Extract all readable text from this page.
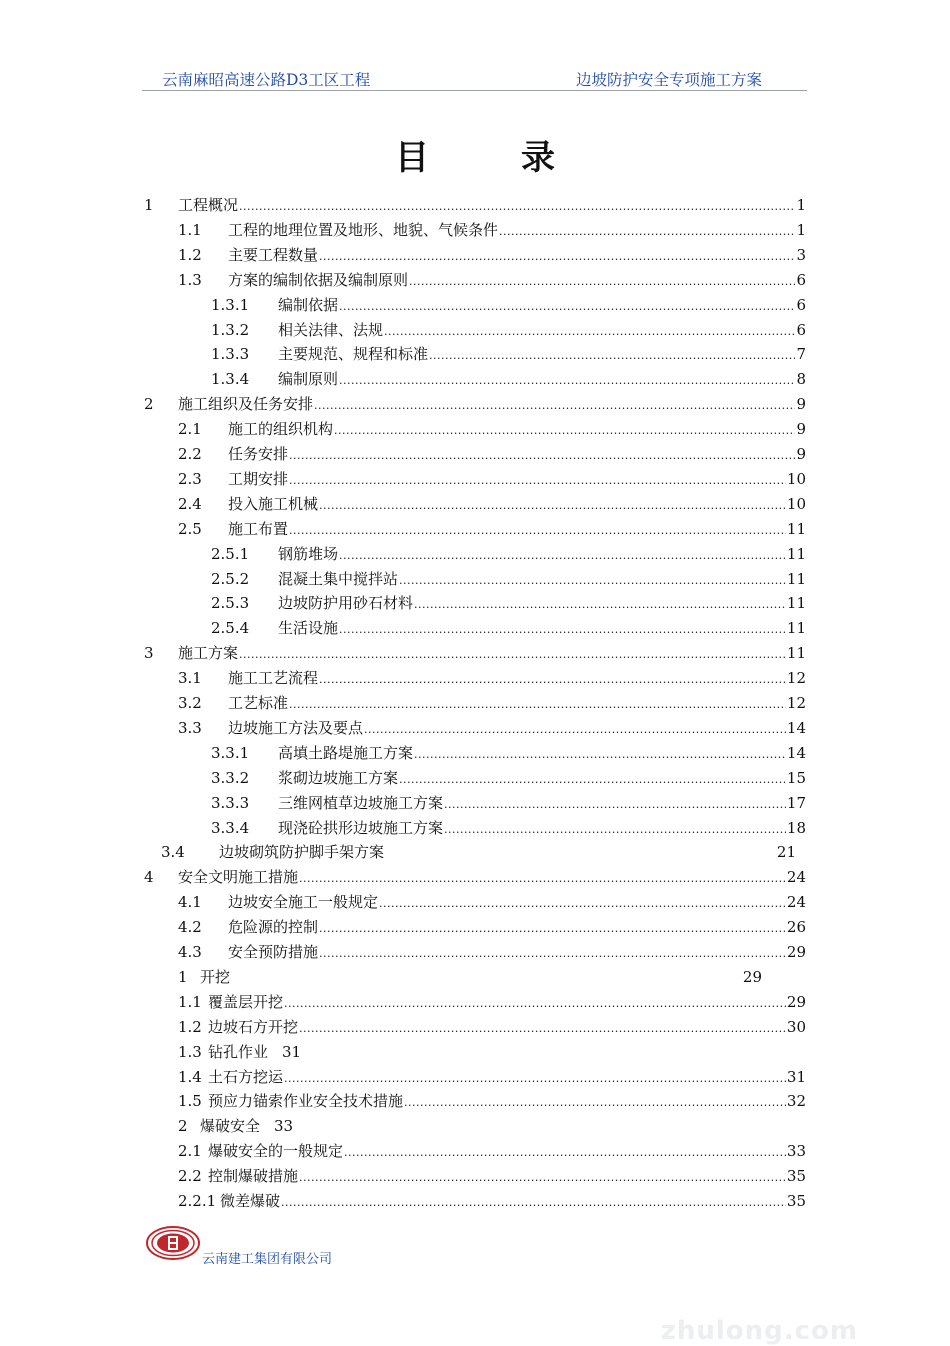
云南麻昭高速公路D3工区工程	边坡防护安全专项施工方案
目	录
1	工程概况 .....	1
1.1	工程的地理位置及地形、地貌、气候条件 .....	1
1.2	主要工程数量 .....	3
1.3	方案的编制依据及编制原则 .....	6
1.3.1	编制依据 .....	6
1.3.2	相关法律、法规 .....	6
1.3.3	主要规范、规程和标准 .....	7
1.3.4	编制原则 .....	8
2	施工组织及任务安排 .....	9
2.1	施工的组织机构 .....	9
2.2	任务安排 .....	9
2.3	工期安排 .....	10
2.4	投入施工机械 .....	10
2.5	施工布置 .....	11
2.5.1	钢筋堆场 .....	11
2.5.2	混凝土集中搅拌站 .....	11
2.5.3	边坡防护用砂石材料 .....	11
2.5.4	生活设施 .....	11
3	施工方案 .....	11
3.1	施工工艺流程 .....	12
3.2	工艺标准 .....	12
3.3	边坡施工方法及要点 .....	14
3.3.1	高填土路堤施工方案 .....	14
3.3.2	浆砌边坡施工方案 .....	15
3.3.3	三维网植草边坡施工方案 .....	17
3.3.4	现浇砼拱形边坡施工方案 .....	18
3.4	边坡砌筑防护脚手架方案	21
4	安全文明施工措施 .....	24
4.1	边坡安全施工一般规定 .....	24
4.2	危险源的控制 .....	26
4.3	安全预防措施 .....	29
1 开挖	29
1.1 覆盖层开挖 .....	29
1.2 边坡石方开挖 .....	30
1.3 钻孔作业 31
1.4 土石方挖运 .....	31
1.5 预应力锚索作业安全技术措施 .....	32
2 爆破安全 33
2.1 爆破安全的一般规定 .....	33
2.2 控制爆破措施 .....	35
2.2.1 微差爆破 .....	35
云南建工集团有限公司
zhulong.com
